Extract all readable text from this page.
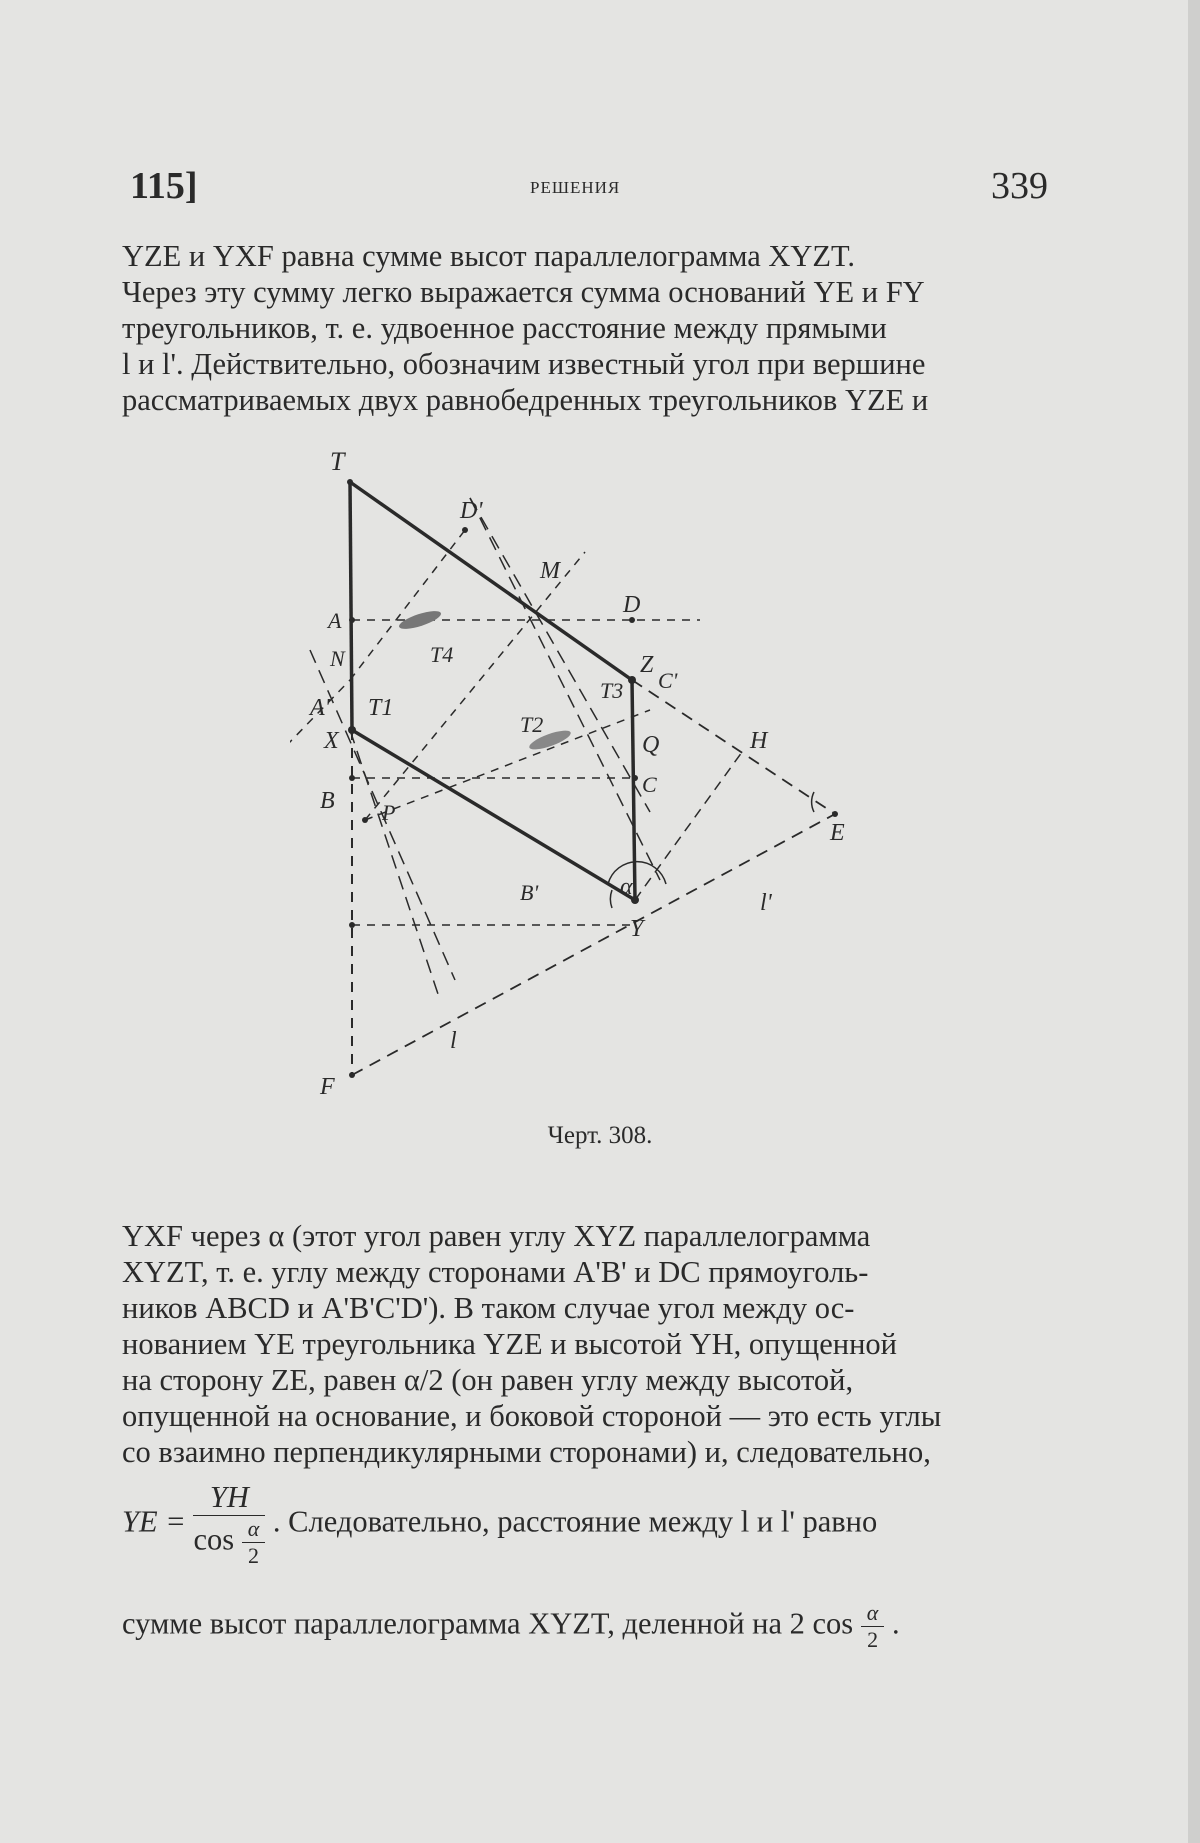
115]	РЕШЕНИЯ	339

YZE и YXF равна сумме высот параллелограмма XYZT.

Через эту сумму легко выражается сумма оснований YE и FY

треугольников, т. е. удвоенное расстояние между прямыми

l и l'. Действительно, обозначим известный угол при вершине

рассматриваемых двух равнобедренных треугольников YZE и

T
D'
M
D
A
T4
N	Z
T3 C'
A' T1
X
T2
Q	H
C
B P
E
B'	α
l'
Y
l
F
Черт. 308.

YXF через α (этот угол равен углу XYZ параллелограмма

XYZT, т. е. углу между сторонами A'B' и DC прямоуголь-

ников ABCD и A'B'C'D'). В таком случае угол между ос-

нованием YE треугольника YZE и высотой YH, опущенной

на сторону ZE, равен α/2 (он равен углу между высотой,

опущенной на основание, и боковой стороной — это есть углы

со взаимно перпендикулярными сторонами) и, следовательно,

YE = $\frac{YH}{\cos \frac{\alpha}{2}}$ . Следовательно, расстояние между l и l' равно
сумме высот параллелограмма XYZT, деленной на 2 $\cos \frac{\alpha}{2}$ .
